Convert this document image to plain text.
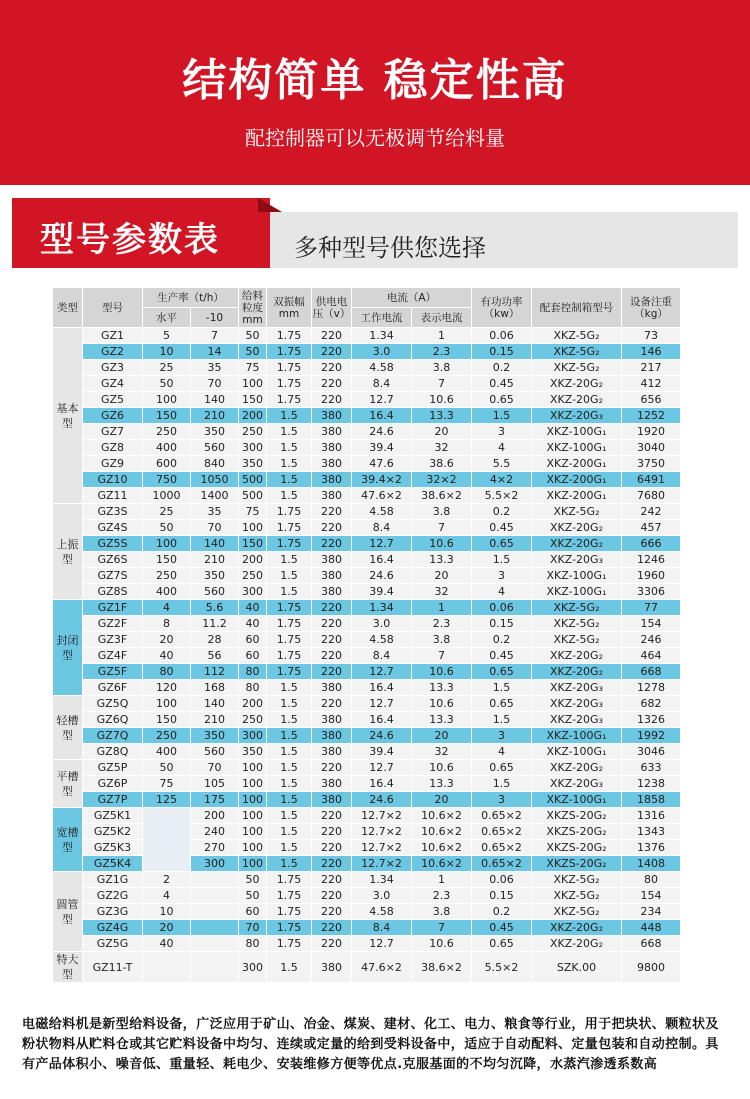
结构简单 稳定性高
配控制器可以无极调节给料量
型号参数表	多种型号供您选择
类型	型号	生产率（t/h）		给料粒度mm	双振幅mm	供电电压（v）	电流（A）		有功功率（kw）	配套控制箱型号	设备注重（kg）
		水平	-10				工作电流	表示电流			
基本型	GZ1	5	7	50	1.75	220	1.34	1	0.06	XKZ-5G₂	73
	GZ2	10	14	50	1.75	220	3.0	2.3	0.15	XKZ-5G₂	146
	GZ3	25	35	75	1.75	220	4.58	3.8	0.2	XKZ-5G₂	217
	GZ4	50	70	100	1.75	220	8.4	7	0.45	XKZ-20G₂	412
	GZ5	100	140	150	1.75	220	12.7	10.6	0.65	XKZ-20G₂	656
	GZ6	150	210	200	1.5	380	16.4	13.3	1.5	XKZ-20G₃	1252
	GZ7	250	350	250	1.5	380	24.6	20	3	XKZ-100G₁	1920
	GZ8	400	560	300	1.5	380	39.4	32	4	XKZ-100G₁	3040
	GZ9	600	840	350	1.5	380	47.6	38.6	5.5	XKZ-200G₁	3750
	GZ10	750	1050	500	1.5	380	39.4×2	32×2	4×2	XKZ-200G₁	6491
	GZ11	1000	1400	500	1.5	380	47.6×2	38.6×2	5.5×2	XKZ-200G₁	7680
上振型	GZ3S	25	35	75	1.75	220	4.58	3.8	0.2	XKZ-5G₂	242
	GZ4S	50	70	100	1.75	220	8.4	7	0.45	XKZ-20G₂	457
	GZ5S	100	140	150	1.75	220	12.7	10.6	0.65	XKZ-20G₂	666
	GZ6S	150	210	200	1.5	380	16.4	13.3	1.5	XKZ-20G₃	1246
	GZ7S	250	350	250	1.5	380	24.6	20	3	XKZ-100G₁	1960
	GZ8S	400	560	300	1.5	380	39.4	32	4	XKZ-100G₁	3306
封闭型	GZ1F	4	5.6	40	1.75	220	1.34	1	0.06	XKZ-5G₂	77
	GZ2F	8	11.2	40	1.75	220	3.0	2.3	0.15	XKZ-5G₂	154
	GZ3F	20	28	60	1.75	220	4.58	3.8	0.2	XKZ-5G₂	246
	GZ4F	40	56	60	1.75	220	8.4	7	0.45	XKZ-20G₂	464
	GZ5F	80	112	80	1.75	220	12.7	10.6	0.65	XKZ-20G₂	668
	GZ6F	120	168	80	1.5	380	16.4	13.3	1.5	XKZ-20G₃	1278
轻槽型	GZ5Q	100	140	200	1.5	220	12.7	10.6	0.65	XKZ-20G₃	682
	GZ6Q	150	210	250	1.5	380	16.4	13.3	1.5	XKZ-20G₃	1326
	GZ7Q	250	350	300	1.5	380	24.6	20	3	XKZ-100G₁	1992
	GZ8Q	400	560	350	1.5	380	39.4	32	4	XKZ-100G₁	3046
平槽型	GZ5P	50	70	100	1.5	220	12.7	10.6	0.65	XKZ-20G₂	633
	GZ6P	75	105	100	1.5	380	16.4	13.3	1.5	XKZ-20G₃	1238
	GZ7P	125	175	100	1.5	380	24.6	20	3	XKZ-100G₁	1858
宽槽型	GZ5K1		200	100	1.5	220	12.7×2	10.6×2	0.65×2	XKZS-20G₂	1316
	GZ5K2		240	100	1.5	220	12.7×2	10.6×2	0.65×2	XKZS-20G₂	1343
	GZ5K3		270	100	1.5	220	12.7×2	10.6×2	0.65×2	XKZS-20G₂	1376
	GZ5K4		300	100	1.5	220	12.7×2	10.6×2	0.65×2	XKZS-20G₂	1408
圆管型	GZ1G	2		50	1.75	220	1.34	1	0.06	XKZ-5G₂	80
	GZ2G	4		50	1.75	220	3.0	2.3	0.15	XKZ-5G₂	154
	GZ3G	10		60	1.75	220	4.58	3.8	0.2	XKZ-5G₂	234
	GZ4G	20		70	1.75	220	8.4	7	0.45	XKZ-20G₂	448
	GZ5G	40		80	1.75	220	12.7	10.6	0.65	XKZ-20G₂	668
特大型	GZ11-T			300	1.5	380	47.6×2	38.6×2	5.5×2	SZK.00	9800
电磁给料机是新型给料设备，广泛应用于矿山、冶金、煤炭、建材、化工、电力、粮食等行业，用于把块状、颗粒状及粉状物料从贮料仓或其它贮料设备中均匀、连续或定量的给到受料设备中，适应于自动配料、定量包装和自动控制。具有产品体积小、噪音低、重量轻、耗电少、安装维修方便等优点.克服基面的不均匀沉降，水蒸汽渗透系数高
